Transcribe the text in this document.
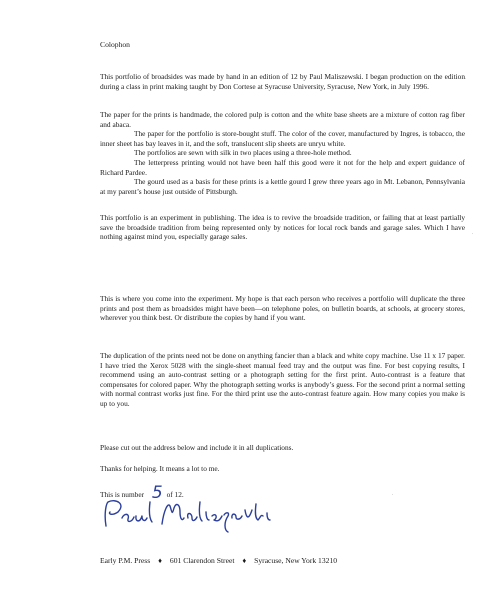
Colophon

This portfolio of broadsides was made by hand in an edition of 12 by Paul Maliszewski. I began production on the edition during a class in print making taught by Don Cortese at Syracuse University, Syracuse, New York, in July 1996.

The paper for the prints is handmade, the colored pulp is cotton and the white base sheets are a mixture of cotton rag fiber and abaca.

The paper for the portfolio is store-bought stuff. The color of the cover, manufactured by Ingres, is tobacco, the inner sheet has bay leaves in it, and the soft, translucent slip sheets are unryu white.

The portfolios are sewn with silk in two places using a three-hole method.

The letterpress printing would not have been half this good were it not for the help and expert guidance of Richard Pardee.

The gourd used as a basis for these prints is a kettle gourd I grew three years ago in Mt. Lebanon, Pennsylvania at my parent’s house just outside of Pittsburgh.

This portfolio is an experiment in publishing. The idea is to revive the broadside tradition, or failing that at least partially save the broadside tradition from being represented only by notices for local rock bands and garage sales. Which I have nothing against mind you, especially garage sales.

This is where you come into the experiment. My hope is that each person who receives a portfolio will duplicate the three prints and post them as broadsides might have been—on telephone poles, on bulletin boards, at schools, at grocery stores, wherever you think best. Or distribute the copies by hand if you want.

The duplication of the prints need not be done on anything fancier than a black and white copy machine. Use 11 x 17 paper. I have tried the Xerox 5028 with the single-sheet manual feed tray and the output was fine. For best copying results, I recommend using an auto-contrast setting or a photograph setting for the first print. Auto-contrast is a feature that compensates for colored paper. Why the photograph setting works is anybody’s guess. For the second print a normal setting with normal contrast works just fine. For the third print use the auto-contrast feature again. How many copies you make is up to you.

Please cut out the address below and include it in all duplications.

Thanks for helping. It means a lot to me.

This is number 5 of 12.
Early P.M. Press ♦ 601 Clarendon Street ♦ Syracuse, New York 13210
